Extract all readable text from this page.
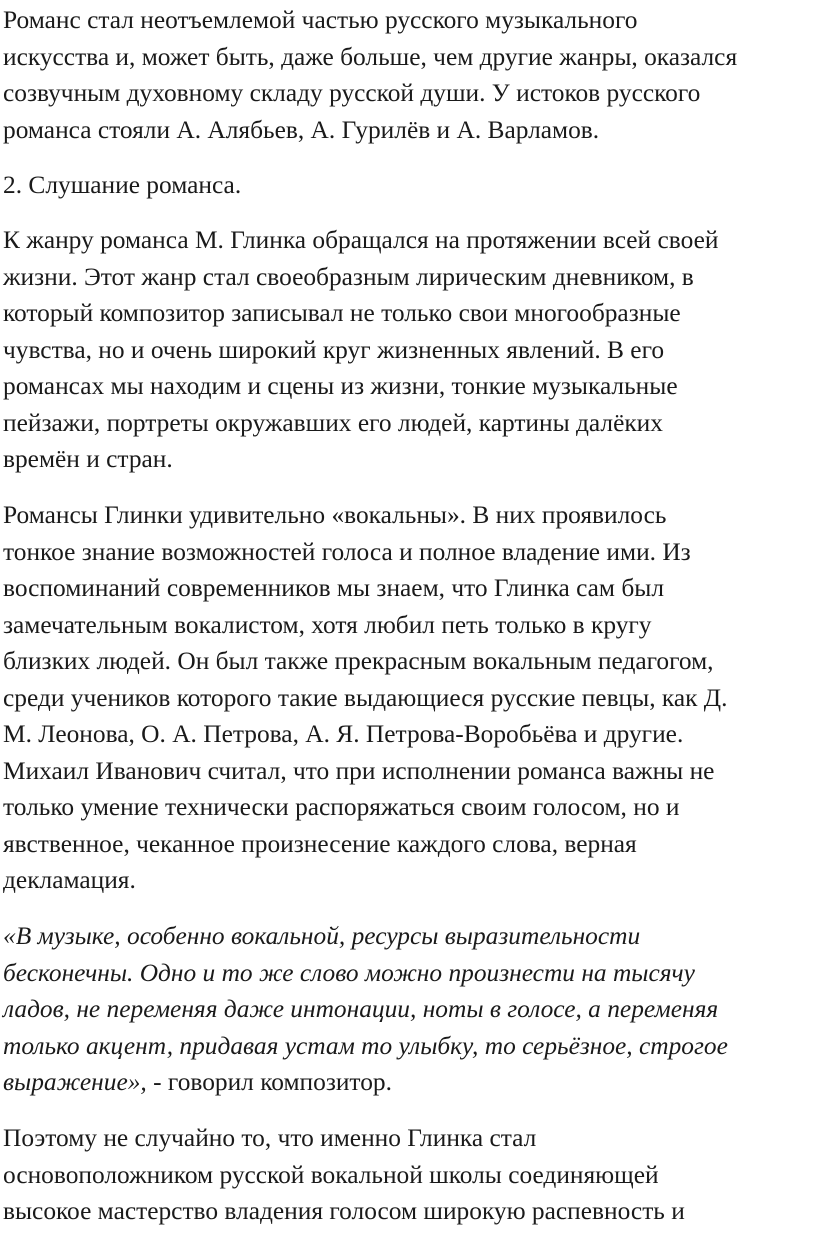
Романс стал неотъемлемой частью русского музыкального
искусства и, может быть, даже больше, чем другие жанры, оказался
созвучным духовному складу русской души. У истоков русского
романса стояли А. Алябьев, А. Гурилёв и А. Варламов.

2. Слушание романса.

К жанру романса М. Глинка обращался на протяжении всей своей
жизни. Этот жанр стал своеобразным лирическим дневником, в
который композитор записывал не только свои многообразные
чувства, но и очень широкий круг жизненных явлений. В его
романсах мы находим и сцены из жизни, тонкие музыкальные
пейзажи, портреты окружавших его людей, картины далёких
времён и стран.

Романсы Глинки удивительно «вокальны». В них проявилось
тонкое знание возможностей голоса и полное владение ими. Из
воспоминаний современников мы знаем, что Глинка сам был
замечательным вокалистом, хотя любил петь только в кругу
близких людей. Он был также прекрасным вокальным педагогом,
среди учеников которого такие выдающиеся русские певцы, как Д.
М. Леонова, О. А. Петрова, А. Я. Петрова-Воробьёва и другие.
Михаил Иванович считал, что при исполнении романса важны не
только умение технически распоряжаться своим голосом, но и
явственное, чеканное произнесение каждого слова, верная
декламация.

«В музыке, особенно вокальной, ресурсы выразительности
бесконечны. Одно и то же слово можно произнести на тысячу
ладов, не переменяя даже интонации, ноты в голосе, а переменяя
только акцент, придавая устам то улыбку, то серьёзное, строгое
выражение», - говорил композитор.

Поэтому не случайно то, что именно Глинка стал
основоположником русской вокальной школы соединяющей
высокое мастерство владения голосом широкую распевность и
